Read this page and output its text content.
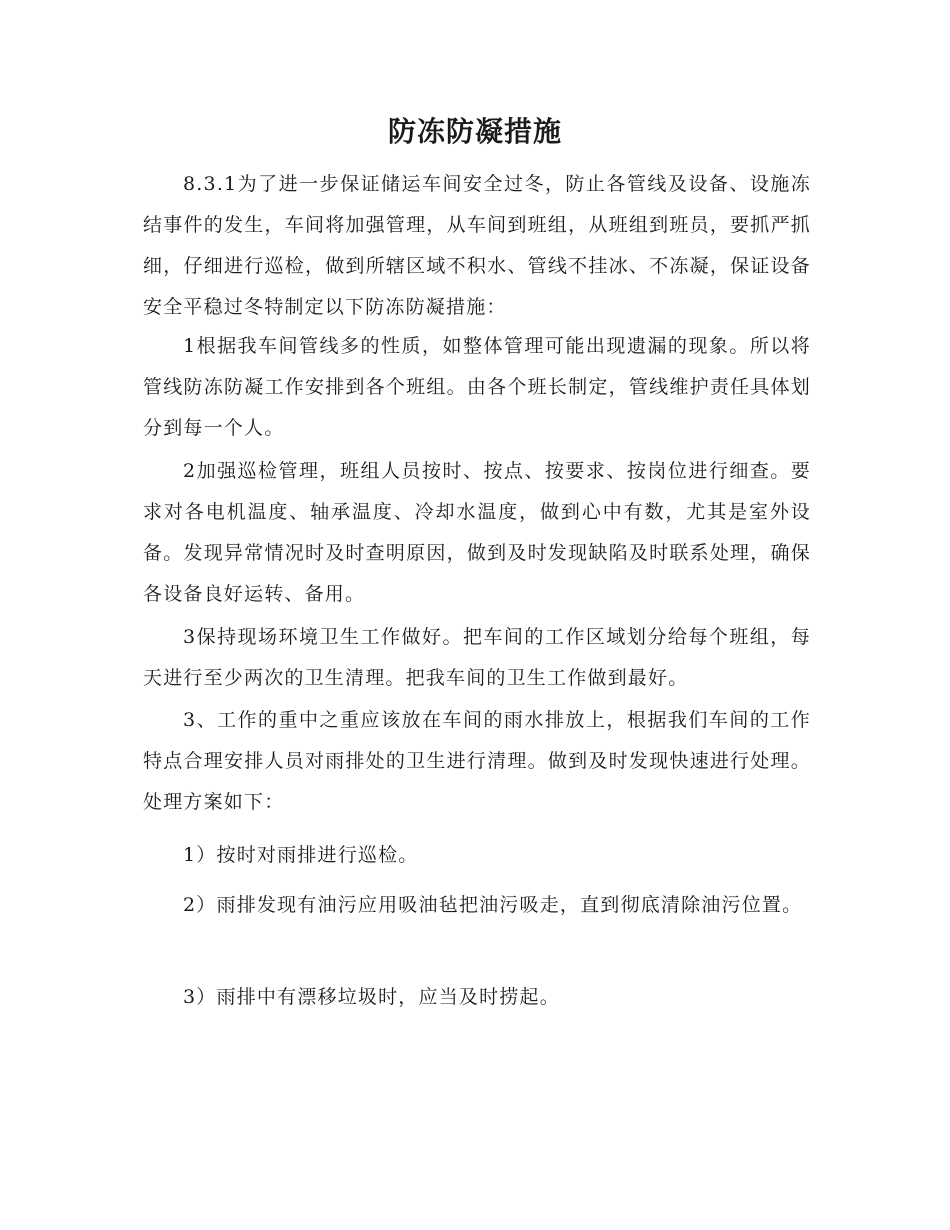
防冻防凝措施

8.3.1为了进一步保证储运车间安全过冬，防止各管线及设备、设施冻结事件的发生，车间将加强管理，从车间到班组，从班组到班员，要抓严抓细，仔细进行巡检，做到所辖区域不积水、管线不挂冰、不冻凝，保证设备安全平稳过冬特制定以下防冻防凝措施：

1根据我车间管线多的性质，如整体管理可能出现遗漏的现象。所以将管线防冻防凝工作安排到各个班组。由各个班长制定，管线维护责任具体划分到每一个人。

2加强巡检管理，班组人员按时、按点、按要求、按岗位进行细查。要求对各电机温度、轴承温度、冷却水温度，做到心中有数，尤其是室外设备。发现异常情况时及时查明原因，做到及时发现缺陷及时联系处理，确保各设备良好运转、备用。

3保持现场环境卫生工作做好。把车间的工作区域划分给每个班组，每天进行至少两次的卫生清理。把我车间的卫生工作做到最好。

3、工作的重中之重应该放在车间的雨水排放上，根据我们车间的工作特点合理安排人员对雨排处的卫生进行清理。做到及时发现快速进行处理。处理方案如下：

1）按时对雨排进行巡检。

2）雨排发现有油污应用吸油毡把油污吸走，直到彻底清除油污位置。

3）雨排中有漂移垃圾时，应当及时捞起。
